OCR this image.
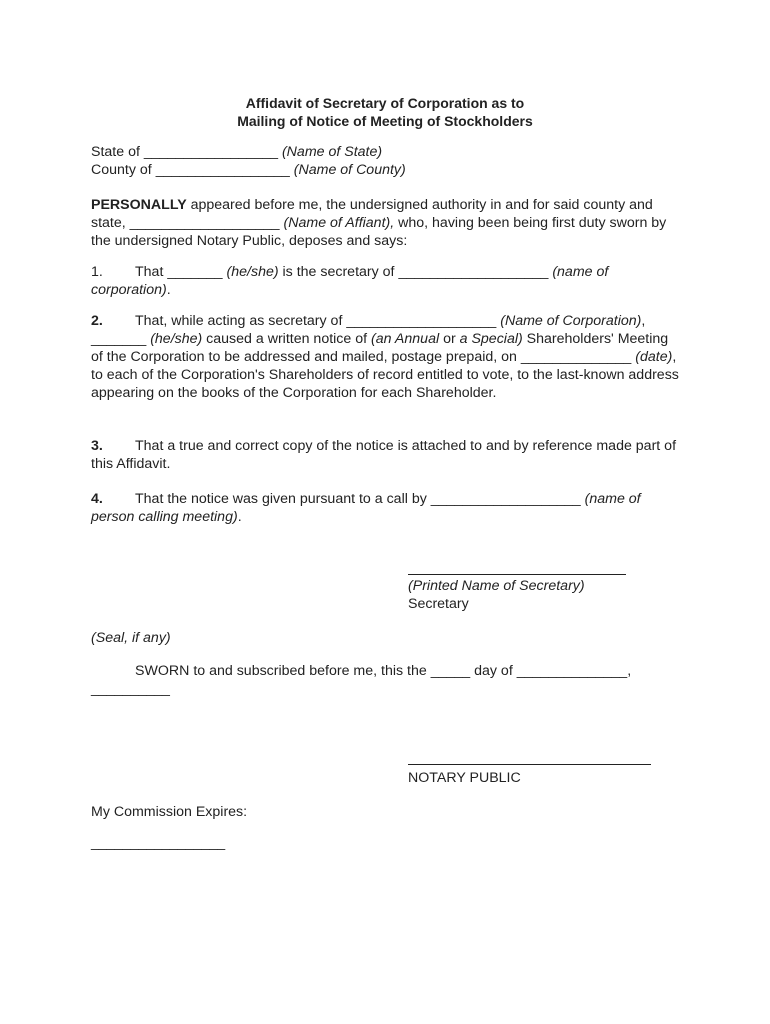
Affidavit of Secretary of Corporation as to
Mailing of Notice of Meeting of Stockholders
State of _________________ (Name of State)
County of _________________ (Name of County)
PERSONALLY appeared before me, the undersigned authority in and for said county and state, ___________________ (Name of Affiant), who, having been being first duty sworn by the undersigned Notary Public, deposes and says:
1. That _______ (he/she) is the secretary of ___________________ (name of corporation).
2. That, while acting as secretary of ___________________ (Name of Corporation), _______ (he/she) caused a written notice of (an Annual or a Special) Shareholders' Meeting of the Corporation to be addressed and mailed, postage prepaid, on ______________ (date), to each of the Corporation's Shareholders of record entitled to vote, to the last-known address appearing on the books of the Corporation for each Shareholder.
3. That a true and correct copy of the notice is attached to and by reference made part of this Affidavit.
4. That the notice was given pursuant to a call by ___________________ (name of person calling meeting).
(Printed Name of Secretary)
Secretary
(Seal, if any)
SWORN to and subscribed before me, this the _____ day of ______________,
__________
NOTARY PUBLIC
My Commission Expires:
_________________
